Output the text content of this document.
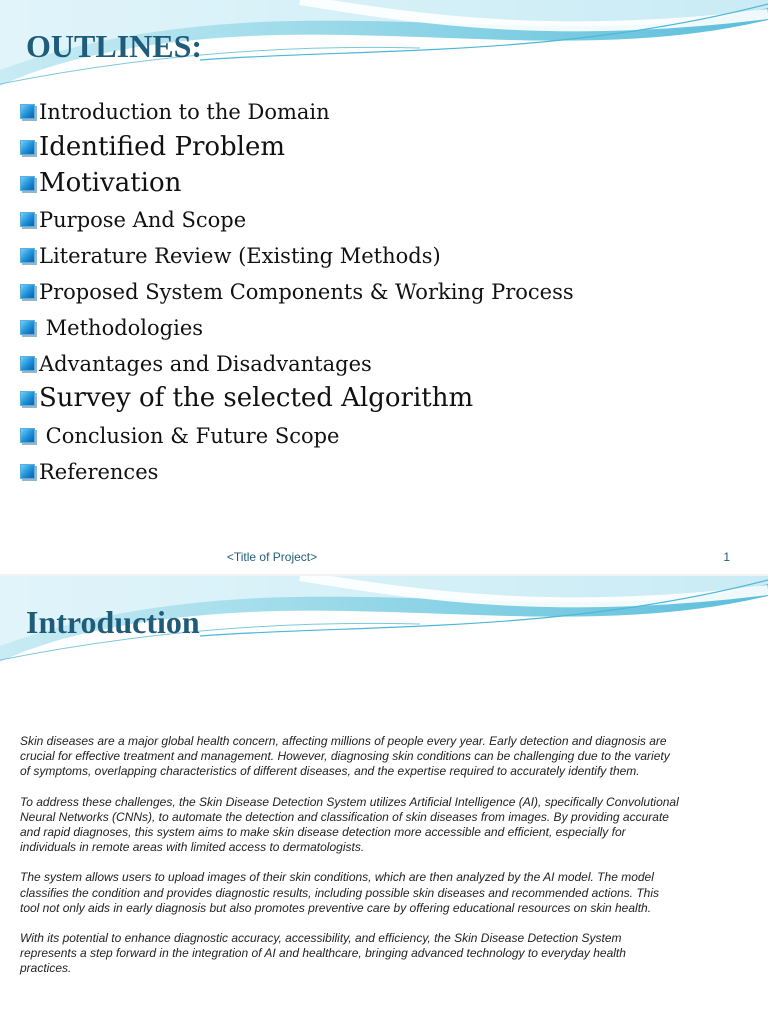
OUTLINES:
Introduction to the Domain
Identified Problem
Motivation
Purpose And Scope
Literature Review (Existing Methods)
Proposed System Components & Working Process
Methodologies
Advantages and Disadvantages
Survey of the selected Algorithm
Conclusion & Future Scope
References
<Title of Project>	1
Introduction

Skin diseases are a major global health concern, affecting millions of people every year. Early detection and diagnosis are crucial for effective treatment and management. However, diagnosing skin conditions can be challenging due to the variety of symptoms, overlapping characteristics of different diseases, and the expertise required to accurately identify them.

To address these challenges, the Skin Disease Detection System utilizes Artificial Intelligence (AI), specifically Convolutional Neural Networks (CNNs), to automate the detection and classification of skin diseases from images. By providing accurate and rapid diagnoses, this system aims to make skin disease detection more accessible and efficient, especially for individuals in remote areas with limited access to dermatologists.

The system allows users to upload images of their skin conditions, which are then analyzed by the AI model. The model classifies the condition and provides diagnostic results, including possible skin diseases and recommended actions. This tool not only aids in early diagnosis but also promotes preventive care by offering educational resources on skin health.

With its potential to enhance diagnostic accuracy, accessibility, and efficiency, the Skin Disease Detection System represents a step forward in the integration of AI and healthcare, bringing advanced technology to everyday health practices.
